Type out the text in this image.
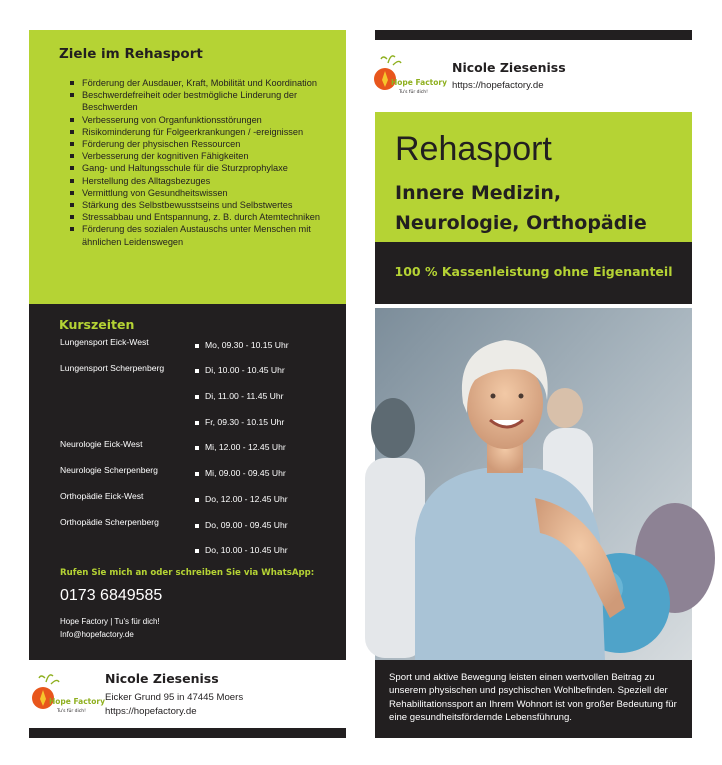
Ziele im Rehasport
Förderung der Ausdauer, Kraft, Mobilität und Koordination
Beschwerdefreiheit oder bestmögliche Linderung der Beschwerden
Verbesserung von Organfunktionsstörungen
Risikominderung für Folgeerkrankungen / -ereignissen
Förderung der physischen Ressourcen
Verbesserung der kognitiven Fähigkeiten
Gang- und Haltungsschule für die Sturzprophylaxe
Herstellung des Alltagsbezuges
Vermittlung von Gesundheitswissen
Stärkung des Selbstbewusstseins und Selbstwertes
Stressabbau und Entspannung, z. B. durch Atemtechniken
Förderung des sozialen Austauschs unter Menschen mit ähnlichen Leidenswegen
Kurszeiten
Lungensport Eick-West
Lungensport Scherpenberg
Neurologie Eick-West
Neurologie Scherpenberg
Orthopädie Eick-West
Orthopädie Scherpenberg
Mo, 09.30 - 10.15 Uhr
Di, 10.00 - 10.45 Uhr
Di, 11.00 - 11.45 Uhr
Fr, 09.30 - 10.15 Uhr
Mi, 12.00 - 12.45 Uhr
Mi, 09.00 - 09.45 Uhr
Do, 12.00 - 12.45 Uhr
Do, 09.00 - 09.45 Uhr
Do, 10.00 - 10.45 Uhr
Rufen Sie mich an oder schreiben Sie via WhatsApp:
0173 6849585
Hope Factory | Tu's für dich!
Info@hopefactory.de
Hope Factory
Tu's für dich!
Nicole Zieseniss
Eicker Grund 95 in 47445 Moers
https://hopefactory.de
Hope Factory
Tu's für dich!
Nicole Zieseniss
https://hopefactory.de
Rehasport
Innere Medizin, Neurologie, Orthopädie
100 % Kassenleistung ohne Eigenanteil

Sport und aktive Bewegung leisten einen wertvollen Beitrag zu unserem physischen und psychischen Wohlbefinden. Speziell der Rehabilitationssport an Ihrem Wohnort ist von großer Bedeutung für eine gesundheitsfördernde Lebensführung.
